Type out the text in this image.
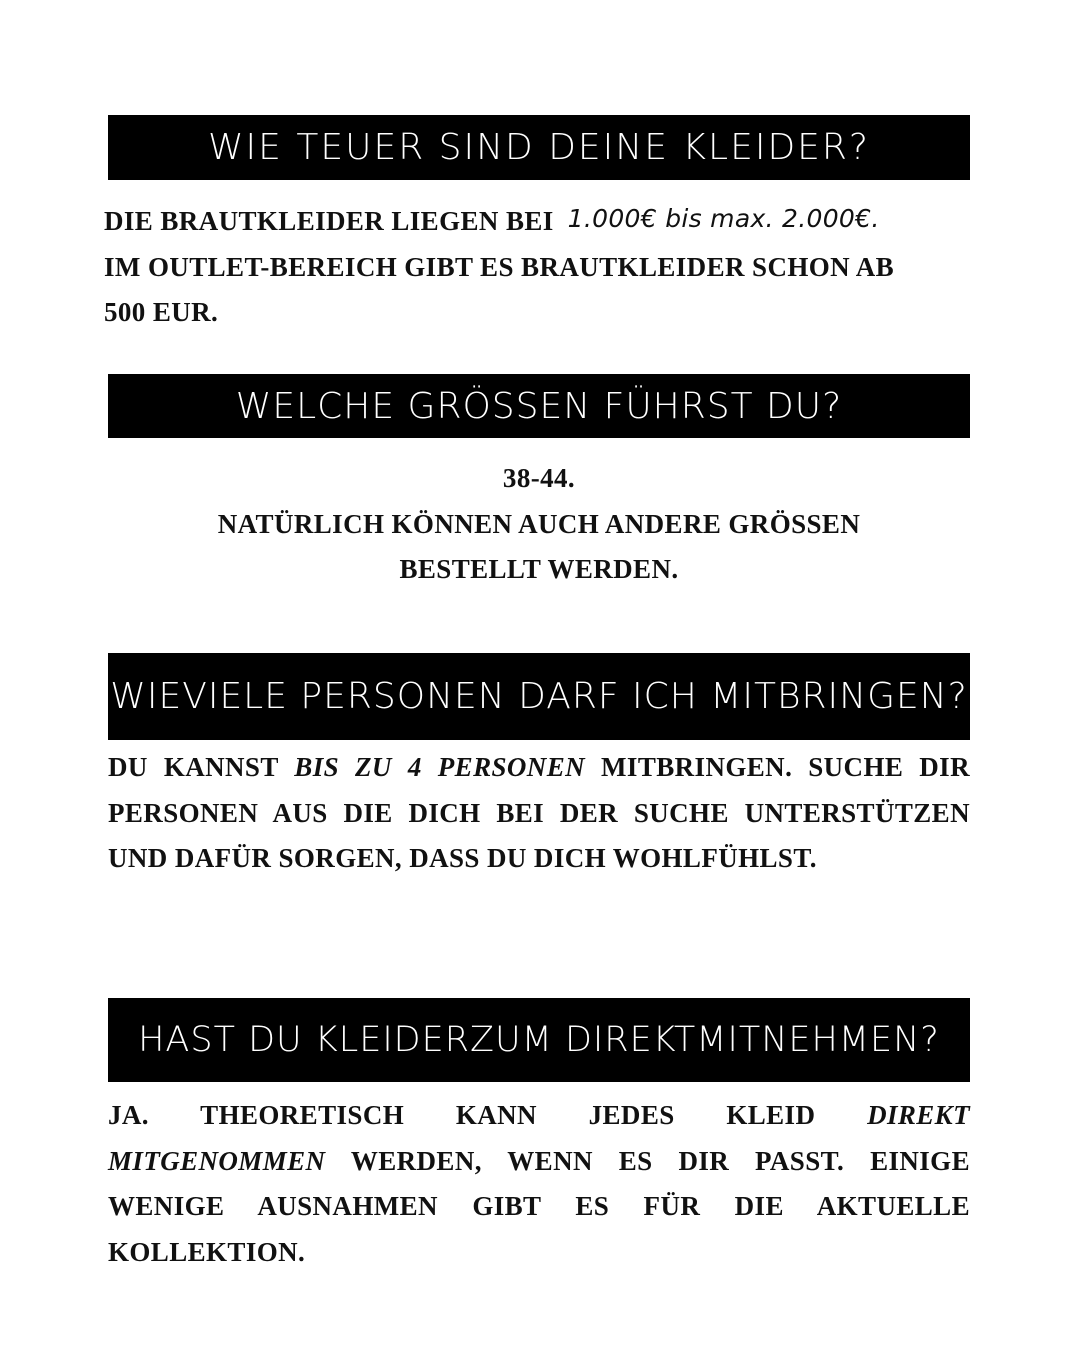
WIE TEUER SIND DEINE KLEIDER?
DIE BRAUTKLEIDER LIEGEN BEI 1.000€ bis max. 2.000€.
IM OUTLET-BEREICH GIBT ES BRAUTKLEIDER SCHON AB
500 EUR.
WELCHE GRÖSSEN FÜHRST DU?
38-44.
NATÜRLICH KÖNNEN AUCH ANDERE GRÖSSEN
BESTELLT WERDEN.
WIEVIELE PERSONEN DARF ICH MITBRINGEN?

DU KANNST BIS ZU 4 PERSONEN MITBRINGEN. SUCHE DIR PERSONEN AUS DIE DICH BEI DER SUCHE UNTERSTÜTZEN UND DAFÜR SORGEN, DASS DU DICH WOHLFÜHLST.

HAST DU KLEIDERZUM DIREKTMITNEHMEN?

JA. THEORETISCH KANN JEDES KLEID DIREKT MITGENOMMEN WERDEN, WENN ES DIR PASST. EINIGE WENIGE AUSNAHMEN GIBT ES FÜR DIE AKTUELLE KOLLEKTION.
